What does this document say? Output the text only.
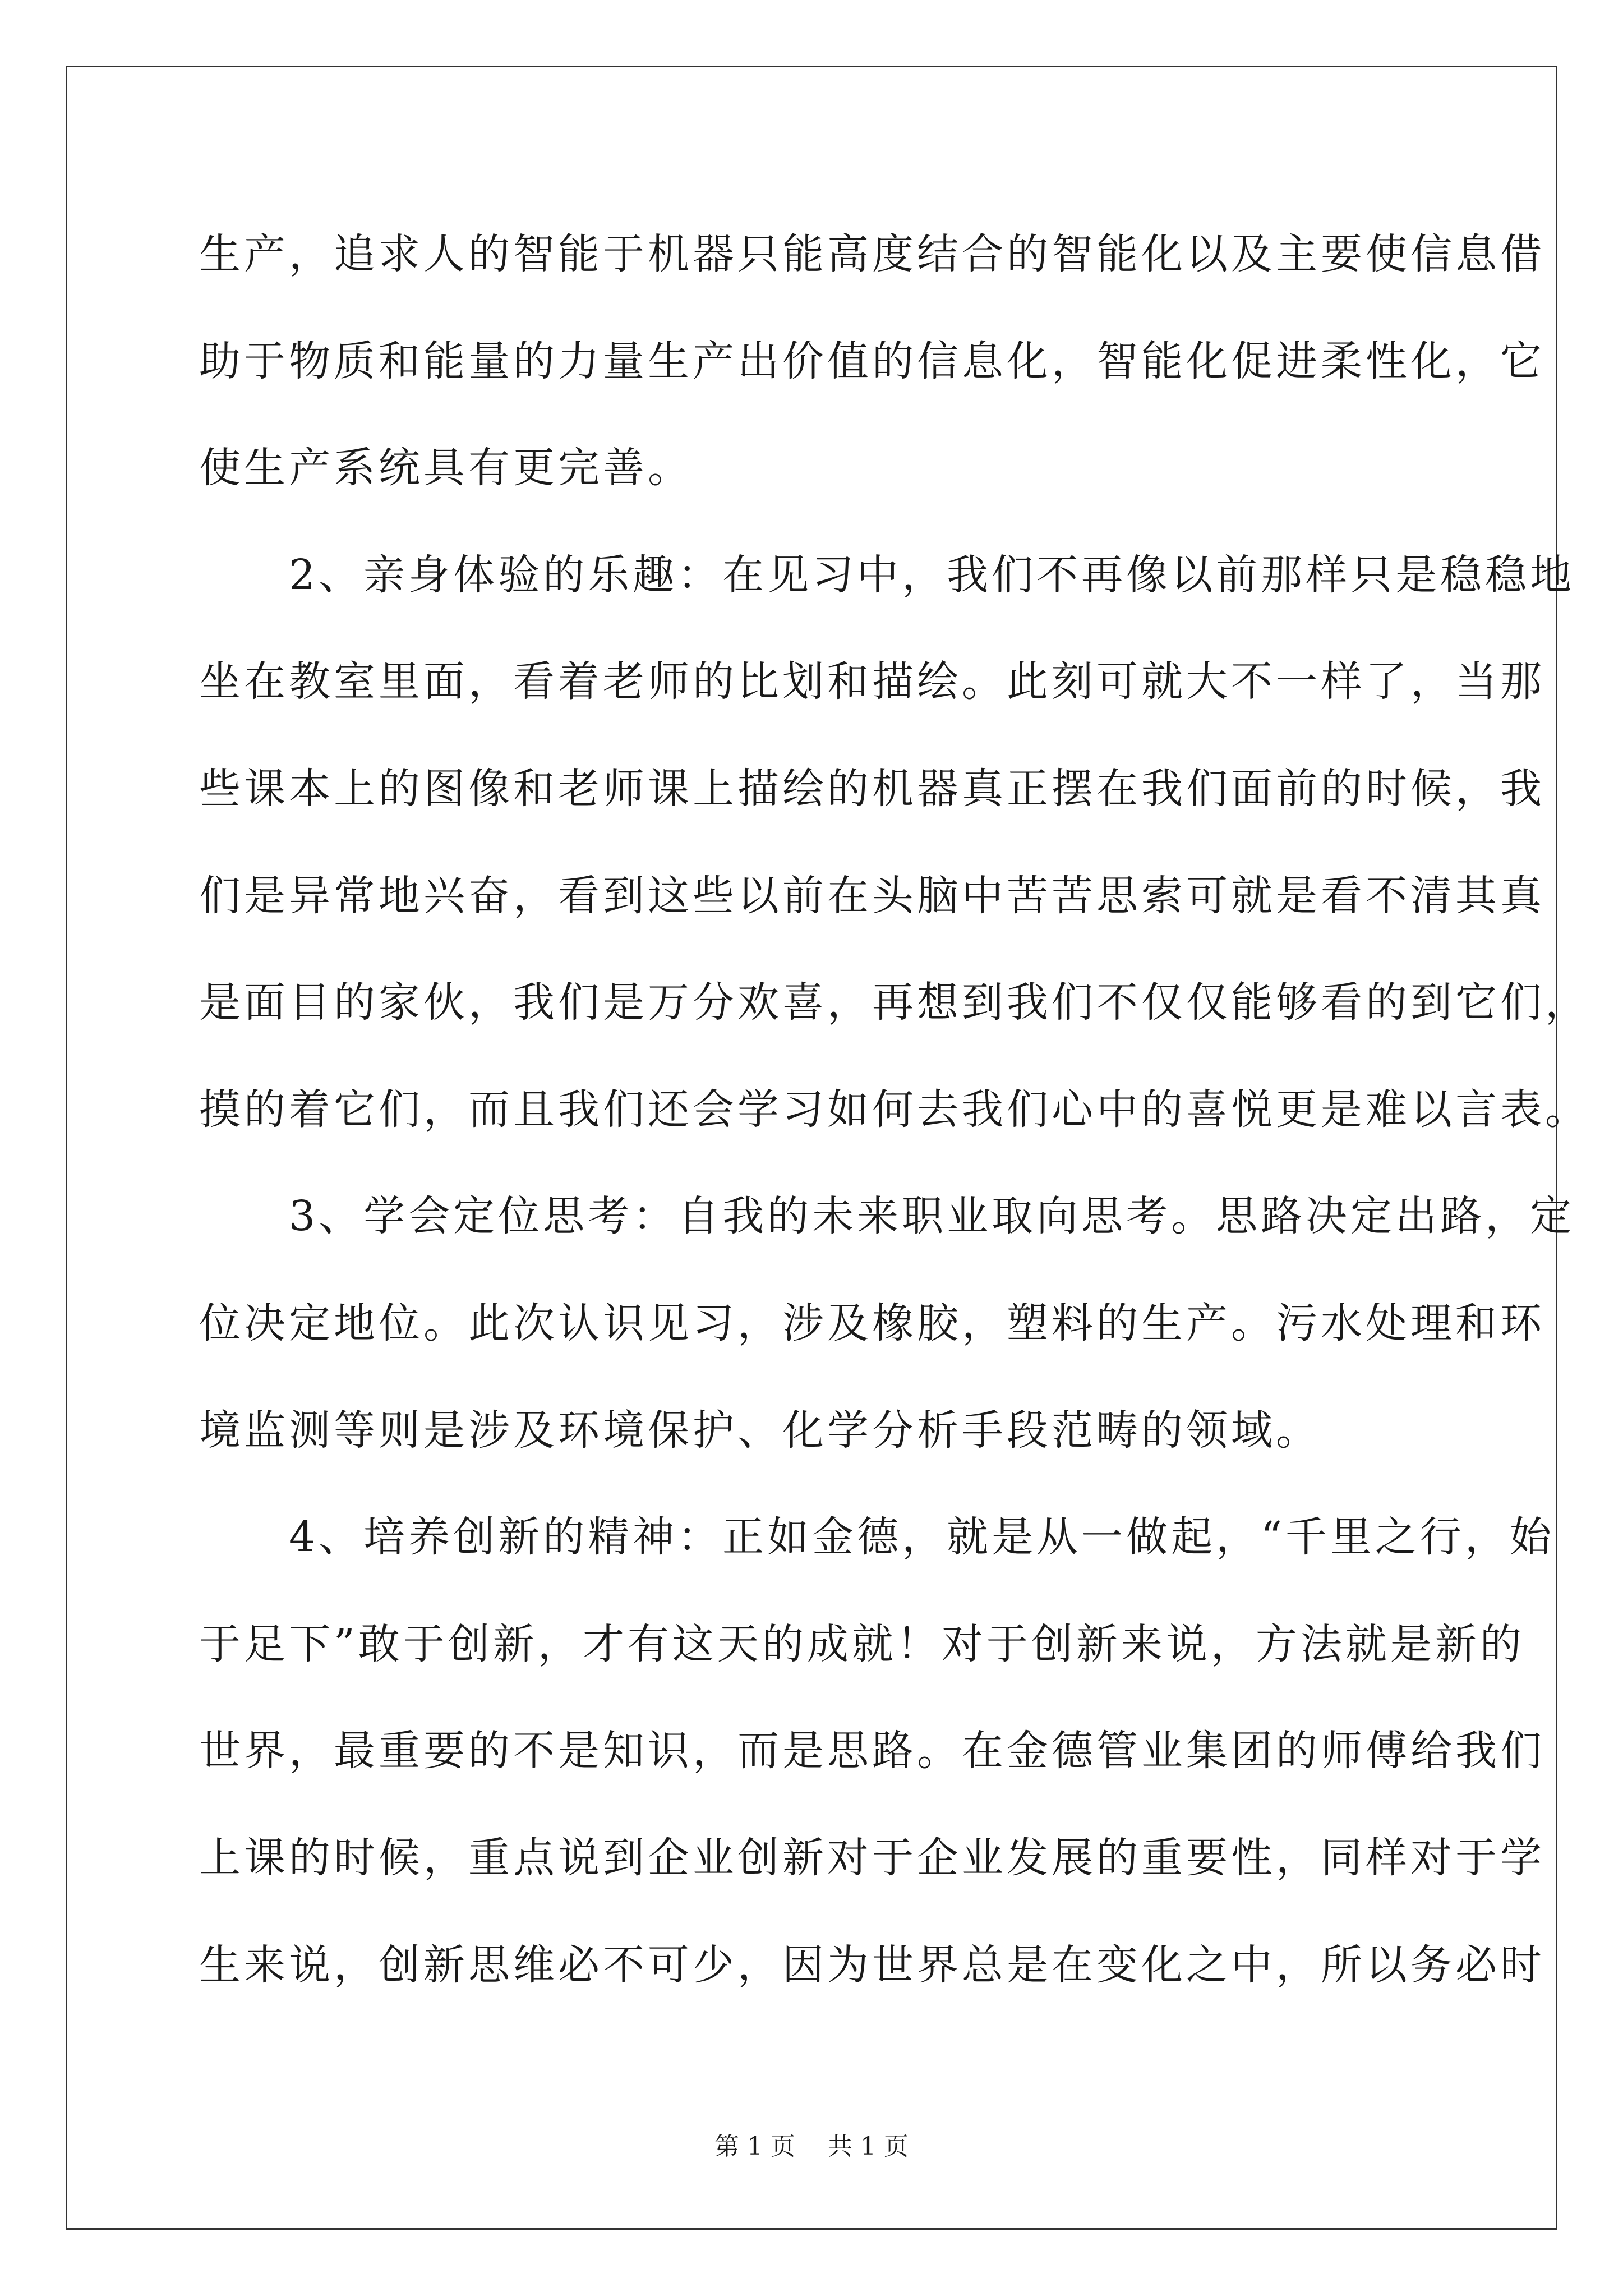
生产，追求人的智能于机器只能高度结合的智能化以及主要使信息借
助于物质和能量的力量生产出价值的信息化，智能化促进柔性化，它
使生产系统具有更完善。
　　2、亲身体验的乐趣：在见习中，我们不再像以前那样只是稳稳地
坐在教室里面，看着老师的比划和描绘。此刻可就大不一样了，当那
些课本上的图像和老师课上描绘的机器真正摆在我们面前的时候，我
们是异常地兴奋，看到这些以前在头脑中苦苦思索可就是看不清其真
是面目的家伙，我们是万分欢喜，再想到我们不仅仅能够看的到它们，
摸的着它们，而且我们还会学习如何去我们心中的喜悦更是难以言表。
　　3、学会定位思考：自我的未来职业取向思考。思路决定出路，定
位决定地位。此次认识见习，涉及橡胶，塑料的生产。污水处理和环
境监测等则是涉及环境保护、化学分析手段范畴的领域。
　　4、培养创新的精神：正如金德，就是从一做起，“千里之行，始
于足下”敢于创新，才有这天的成就！对于创新来说，方法就是新的
世界，最重要的不是知识，而是思路。在金德管业集团的师傅给我们
上课的时候，重点说到企业创新对于企业发展的重要性，同样对于学
生来说，创新思维必不可少，因为世界总是在变化之中，所以务必时
第 1 页　 共 1 页
